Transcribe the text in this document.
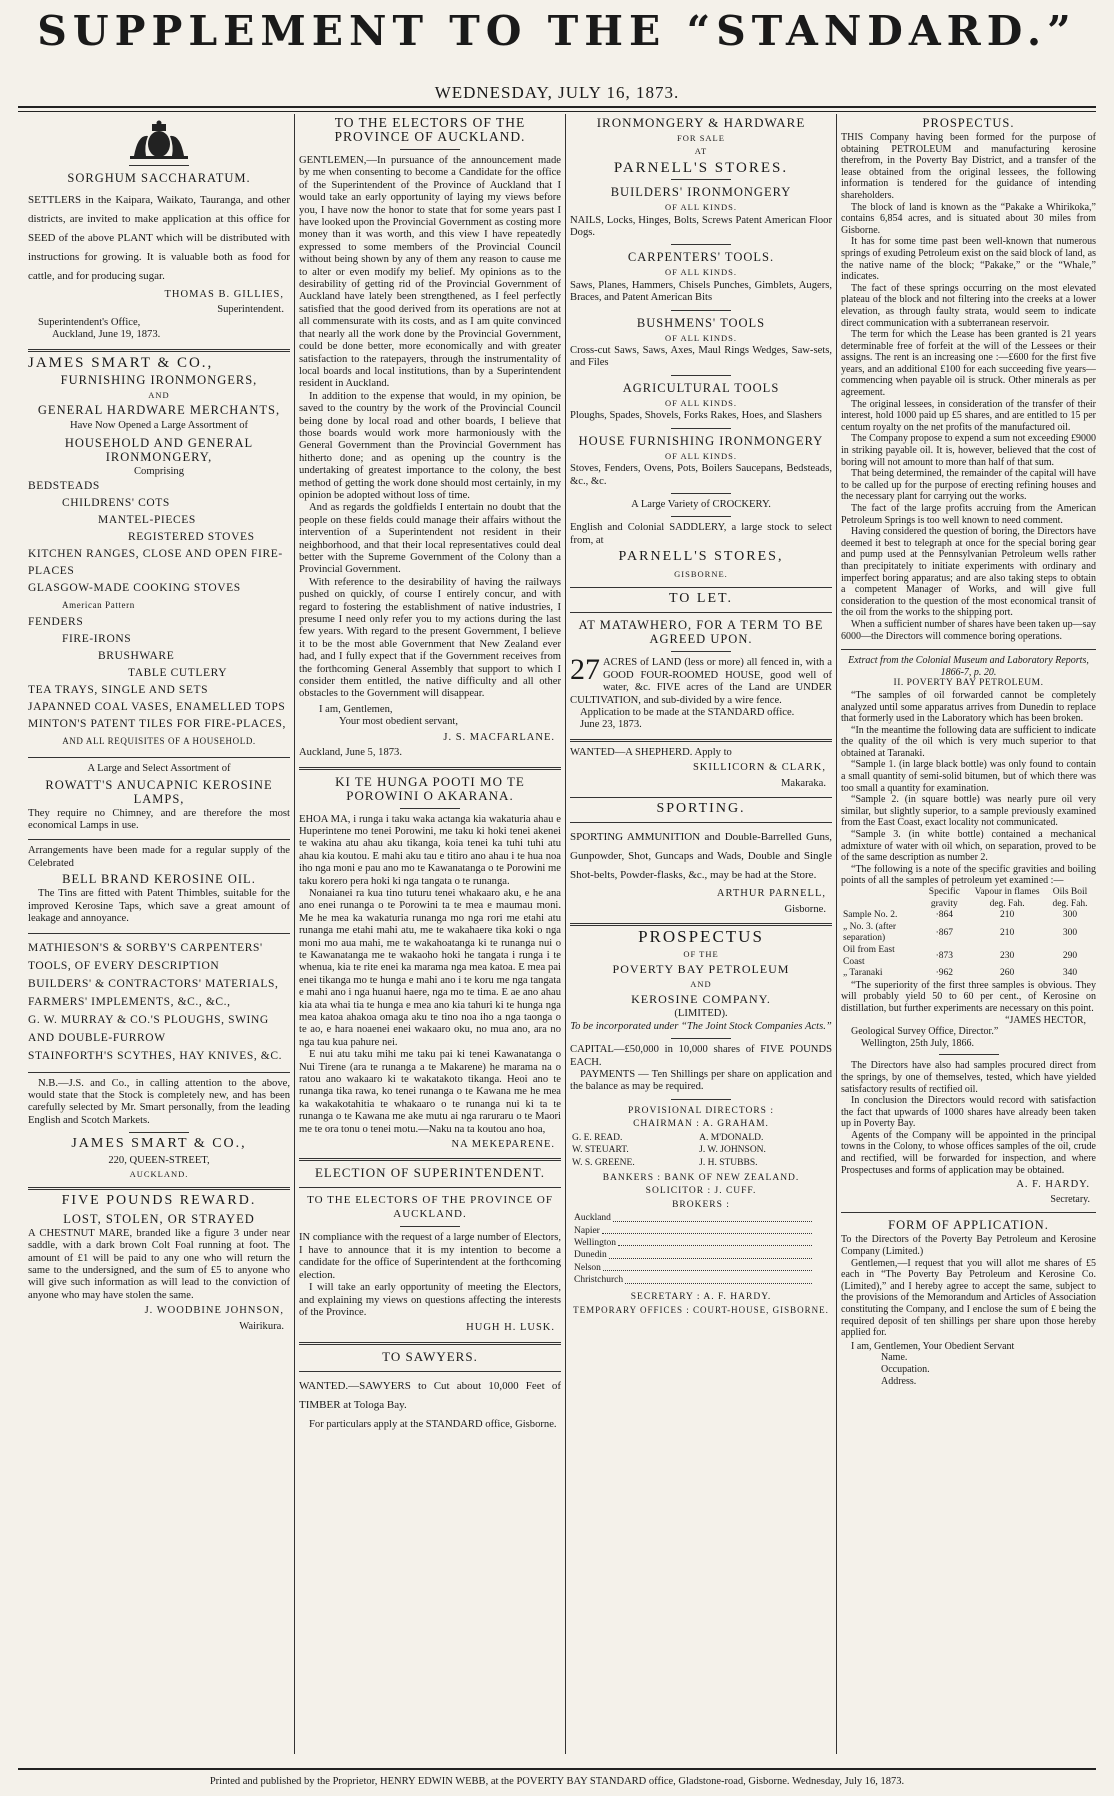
SUPPLEMENT TO THE “STANDARD.”
WEDNESDAY, JULY 16, 1873.
SORGHUM SACCHARATUM.

SETTLERS in the Kaipara, Waikato, Tauranga, and other districts, are invited to make application at this office for SEED of the above PLANT which will be distributed with instructions for growing. It is valuable both as food for cattle, and for producing sugar.

THOMAS B. GILLIES,
Superintendent.
Superintendent's Office,
Auckland, June 19, 1873.
JAMES SMART & CO.,
FURNISHING IRONMONGERS,
AND
GENERAL HARDWARE MERCHANTS,
Have Now Opened a Large Assortment of
HOUSEHOLD AND GENERAL IRONMONGERY,
Comprising
BEDSTEADS
CHILDRENS' COTS
MANTEL-PIECES
REGISTERED STOVES
KITCHEN RANGES, CLOSE AND OPEN FIRE-PLACES
GLASGOW-MADE COOKING STOVES
American Pattern
FENDERS
FIRE-IRONS
BRUSHWARE
TABLE CUTLERY
TEA TRAYS, SINGLE AND SETS
JAPANNED COAL VASES, ENAMELLED TOPS
MINTON'S PATENT TILES FOR FIRE-PLACES,
AND ALL REQUISITES OF A HOUSEHOLD.
A Large and Select Assortment of
ROWATT'S ANUCAPNIC KEROSINE LAMPS,

They require no Chimney, and are therefore the most economical Lamps in use.

Arrangements have been made for a regular supply of the Celebrated

BELL BRAND KEROSINE OIL.

The Tins are fitted with Patent Thimbles, suitable for the improved Kerosine Taps, which save a great amount of leakage and annoyance.

MATHIESON'S & SORBY'S CARPENTERS' TOOLS, OF EVERY DESCRIPTION
BUILDERS' & CONTRACTORS' MATERIALS, FARMERS' IMPLEMENTS, &C., &C.,
G. W. MURRAY & CO.'S PLOUGHS, SWING AND DOUBLE-FURROW
STAINFORTH'S SCYTHES, HAY KNIVES, &C.

N.B.—J.S. and Co., in calling attention to the above, would state that the Stock is completely new, and has been carefully selected by Mr. Smart personally, from the leading English and Scotch Markets.

JAMES SMART & CO.,
220, QUEEN-STREET,
AUCKLAND.
FIVE POUNDS REWARD.
LOST, STOLEN, OR STRAYED

A CHESTNUT MARE, branded like a figure 3 under near saddle, with a dark brown Colt Foal running at foot. The amount of £1 will be paid to any one who will return the same to the undersigned, and the sum of £5 to anyone who will give such information as will lead to the conviction of anyone who may have stolen the same.

J. WOODBINE JOHNSON,
Wairikura.
TO THE ELECTORS OF THE PROVINCE OF AUCKLAND.

GENTLEMEN,—In pursuance of the announcement made by me when consenting to become a Candidate for the office of the Superintendent of the Province of Auckland that I would take an early opportunity of laying my views before you, I have now the honor to state that for some years past I have looked upon the Provincial Government as costing more money than it was worth, and this view I have repeatedly expressed to some members of the Provincial Council without being shown by any of them any reason to cause me to alter or even modify my belief. My opinions as to the desirability of getting rid of the Provincial Government of Auckland have lately been strengthened, as I feel perfectly satisfied that the good derived from its operations are not at all commensurate with its costs, and as I am quite convinced that nearly all the work done by the Provincial Government, could be done better, more economically and with greater satisfaction to the ratepayers, through the instrumentality of local boards and local institutions, than by a Superintendent resident in Auckland.

In addition to the expense that would, in my opinion, be saved to the country by the work of the Provincial Council being done by local road and other boards, I believe that those boards would work more harmoniously with the General Government than the Provincial Government has hitherto done; and as opening up the country is the undertaking of greatest importance to the colony, the best method of getting the work done should most certainly, in my opinion be adopted without loss of time.

And as regards the goldfields I entertain no doubt that the people on these fields could manage their affairs without the intervention of a Superintendent not resident in their neighborhood, and that their local representatives could deal better with the Supreme Government of the Colony than a Provincial Government.

With reference to the desirability of having the railways pushed on quickly, of course I entirely concur, and with regard to fostering the establishment of native industries, I presume I need only refer you to my actions during the last few years. With regard to the present Government, I believe it to be the most able Government that New Zealand ever had, and I fully expect that if the Government receives from the forthcoming General Assembly that support to which I consider them entitled, the native difficulty and all other obstacles to the Government will disappear.

I am, Gentlemen,
Your most obedient servant,
J. S. MACFARLANE.
Auckland, June 5, 1873.
KI TE HUNGA POOTI MO TE POROWINI O AKARANA.

EHOA MA, i runga i taku waka actanga kia wakaturia ahau e Huperintene mo tenei Porowini, me taku ki hoki tenei akenei te wakina atu ahau aku tikanga, koia tenei ka tuhi tuhi atu ahau kia koutou. E mahi aku tau e titiro ano ahau i te hua noa iho nga moni e pau ano mo te Kawanatanga o te Porowini me taku korero pera hoki ki nga tangata o te runanga.

Nonaianei ra kua tino tuturu tenei whakaaro aku, e he ana ano enei runanga o te Porowini ta te mea e maumau moni. Me he mea ka wakaturia runanga mo nga rori me etahi atu runanga me etahi mahi atu, me te wakahaere tika koki o nga moni mo aua mahi, me te wakahoatanga ki te runanga nui o te Kawanatanga me te wakaoho hoki he tangata i runga i te whenua, kia te rite enei ka marama nga mea katoa. E mea pai enei tikanga mo te hunga e mahi ano i te koru me nga tangata e mahi ano i nga huanui haere, nga mo te tima. E ae ano ahau kia ata whai tia te hunga e mea ano kia tahuri ki te hunga nga mea katoa ahakoa omaga aku te tino noa iho a nga taonga o te ao, e hara noaenei enei wakaaro oku, no mua ano, ara no nga tau kua pahure nei.

E nui atu taku mihi me taku pai ki tenei Kawanatanga o Nui Tirene (ara te runanga a te Makarene) he marama na o ratou ano wakaaro ki te wakatakoto tikanga. Heoi ano te runanga tika rawa, ko tenei runanga o te Kawana me he mea ka wakakotahitia te whakaaro o te runanga nui ki ta te runanga o te Kawana me ake mutu ai nga raruraru o te Maori me te ora tonu o tenei motu.—Naku na ta koutou ano hoa,

NA MEKEPARENE.
ELECTION OF SUPERINTENDENT.
TO THE ELECTORS OF THE PROVINCE OF AUCKLAND.

IN compliance with the request of a large number of Electors, I have to announce that it is my intention to become a candidate for the office of Superintendent at the forthcoming election.

I will take an early opportunity of meeting the Electors, and explaining my views on questions affecting the interests of the Province.

HUGH H. LUSK.
TO SAWYERS.

WANTED.—SAWYERS to Cut about 10,000 Feet of TIMBER at Tologa Bay.

For particulars apply at the STANDARD office, Gisborne.

IRONMONGERY & HARDWARE
FOR SALE
AT
PARNELL'S STORES.
BUILDERS' IRONMONGERY
OF ALL KINDS.

NAILS, Locks, Hinges, Bolts, Screws Patent American Floor Dogs.

CARPENTERS' TOOLS.
OF ALL KINDS.

Saws, Planes, Hammers, Chisels Punches, Gimblets, Augers, Braces, and Patent American Bits

BUSHMENS' TOOLS
OF ALL KINDS.

Cross-cut Saws, Saws, Axes, Maul Rings Wedges, Saw-sets, and Files

AGRICULTURAL TOOLS
OF ALL KINDS.

Ploughs, Spades, Shovels, Forks Rakes, Hoes, and Slashers

HOUSE FURNISHING IRONMONGERY
OF ALL KINDS.

Stoves, Fenders, Ovens, Pots, Boilers Saucepans, Bedsteads, &c., &c.

A Large Variety of CROCKERY.

English and Colonial SADDLERY, a large stock to select from, at

PARNELL'S STORES,
GISBORNE.
TO LET.
AT MATAWHERO, FOR A TERM TO BE AGREED UPON.

27 ACRES of LAND (less or more) all fenced in, with a GOOD FOUR-ROOMED HOUSE, good well of water, &c. FIVE acres of the Land are UNDER CULTIVATION, and sub-divided by a wire fence.

Application to be made at the STANDARD office.

June 23, 1873.

WANTED—A SHEPHERD. Apply to

SKILLICORN & CLARK,
Makaraka.
SPORTING.

SPORTING AMMUNITION and Double-Barrelled Guns, Gunpowder, Shot, Guncaps and Wads, Double and Single Shot-belts, Powder-flasks, &c., may be had at the Store.

ARTHUR PARNELL,
Gisborne.
PROSPECTUS
OF THE
POVERTY BAY PETROLEUM
AND
KEROSINE COMPANY.
(LIMITED).

To be incorporated under “The Joint Stock Companies Acts.”

CAPITAL—£50,000 in 10,000 shares of FIVE POUNDS EACH.

PAYMENTS — Ten Shillings per share on application and the balance as may be required.

PROVISIONAL DIRECTORS :
CHAIRMAN : A. GRAHAM.
G. E. READ.	A. M'DONALD.
W. STEUART.	J. W. JOHNSON.
W. S. GREENE.	J. H. STUBBS.
BANKERS : BANK OF NEW ZEALAND.
SOLICITOR : J. CUFF.
BROKERS :
Auckland
Napier
Wellington
Dunedin
Nelson
Christchurch
SECRETARY : A. F. HARDY.
TEMPORARY OFFICES : COURT-HOUSE, GISBORNE.
PROSPECTUS.

THIS Company having been formed for the purpose of obtaining PETROLEUM and manufacturing kerosine therefrom, in the Poverty Bay District, and a transfer of the lease obtained from the original lessees, the following information is tendered for the guidance of intending shareholders.

The block of land is known as the “Pakake a Whirikoka,” contains 6,854 acres, and is situated about 30 miles from Gisborne.

It has for some time past been well-known that numerous springs of exuding Petroleum exist on the said block of land, as the native name of the block; “Pakake,” or the “Whale,” indicates.

The fact of these springs occurring on the most elevated plateau of the block and not filtering into the creeks at a lower elevation, as through faulty strata, would seem to indicate direct communication with a subterranean reservoir.

The term for which the Lease has been granted is 21 years determinable free of forfeit at the will of the Lessees or their assigns. The rent is an increasing one :—£600 for the first five years, and an additional £100 for each succeeding five years—commencing when payable oil is struck. Other minerals as per agreement.

The original lessees, in consideration of the transfer of their interest, hold 1000 paid up £5 shares, and are entitled to 15 per centum royalty on the net profits of the manufactured oil.

The Company propose to expend a sum not exceeding £9000 in striking payable oil. It is, however, believed that the cost of boring will not amount to more than half of that sum.

That being determined, the remainder of the capital will have to be called up for the purpose of erecting refining houses and the necessary plant for carrying out the works.

The fact of the large profits accruing from the American Petroleum Springs is too well known to need comment.

Having considered the question of boring, the Directors have deemed it best to telegraph at once for the special boring gear and pump used at the Pennsylvanian Petroleum wells rather than precipitately to initiate experiments with ordinary and imperfect boring apparatus; and are also taking steps to obtain a competent Manager of Works, and will give full consideration to the question of the most economical transit of the oil from the works to the shipping port.

When a sufficient number of shares have been taken up—say 6000—the Directors will commence boring operations.

Extract from the Colonial Museum and Laboratory Reports, 1866-7, p. 20.

II. POVERTY BAY PETROLEUM.

“The samples of oil forwarded cannot be completely analyzed until some apparatus arrives from Dunedin to replace that formerly used in the Laboratory which has been broken.

“In the meantime the following data are sufficient to indicate the quality of the oil which is very much superior to that obtained at Taranaki.

“Sample 1. (in large black bottle) was only found to contain a small quantity of semi-solid bitumen, but of which there was too small a quantity for examination.

“Sample 2. (in square bottle) was nearly pure oil very similar, but slightly superior, to a sample previously examined from the East Coast, exact locality not communicated.

“Sample 3. (in white bottle) contained a mechanical admixture of water with oil which, on separation, proved to be of the same description as number 2.

“The following is a note of the specific gravities and boiling points of all the samples of petroleum yet examined :—

	Specific gravity	Vapour in flames deg. Fah.	Oils Boil deg. Fah.
Sample No. 2.	·864	210	300
„ No. 3. (after separation)	·867	210	300
Oil from East Coast	·873	230	290
„ Taranaki	·962	260	340

“The superiority of the first three samples is obvious. They will probably yield 50 to 60 per cent., of Kerosine on distillation, but further experiments are necessary on this point.

“JAMES HECTOR,
Geological Survey Office, Director.”
Wellington, 25th July, 1866.

The Directors have also had samples procured direct from the springs, by one of themselves, tested, which have yielded satisfactory results of rectified oil.

In conclusion the Directors would record with satisfaction the fact that upwards of 1000 shares have already been taken up in Poverty Bay.

Agents of the Company will be appointed in the principal towns in the Colony, to whose offices samples of the oil, crude and rectified, will be forwarded for inspection, and where Prospectuses and forms of application may be obtained.

A. F. HARDY.
Secretary.
FORM OF APPLICATION.

To the Directors of the Poverty Bay Petroleum and Kerosine Company (Limited.)

Gentlemen,—I request that you will allot me shares of £5 each in “The Poverty Bay Petroleum and Kerosine Co. (Limited),” and I hereby agree to accept the same, subject to the provisions of the Memorandum and Articles of Association constituting the Company, and I enclose the sum of £ being the required deposit of ten shillings per share upon those hereby applied for.

I am, Gentlemen, Your Obedient Servant
Name.
Occupation.
Address.
Printed and published by the Proprietor, HENRY EDWIN WEBB, at the POVERTY BAY STANDARD office, Gladstone-road, Gisborne. Wednesday, July 16, 1873.
